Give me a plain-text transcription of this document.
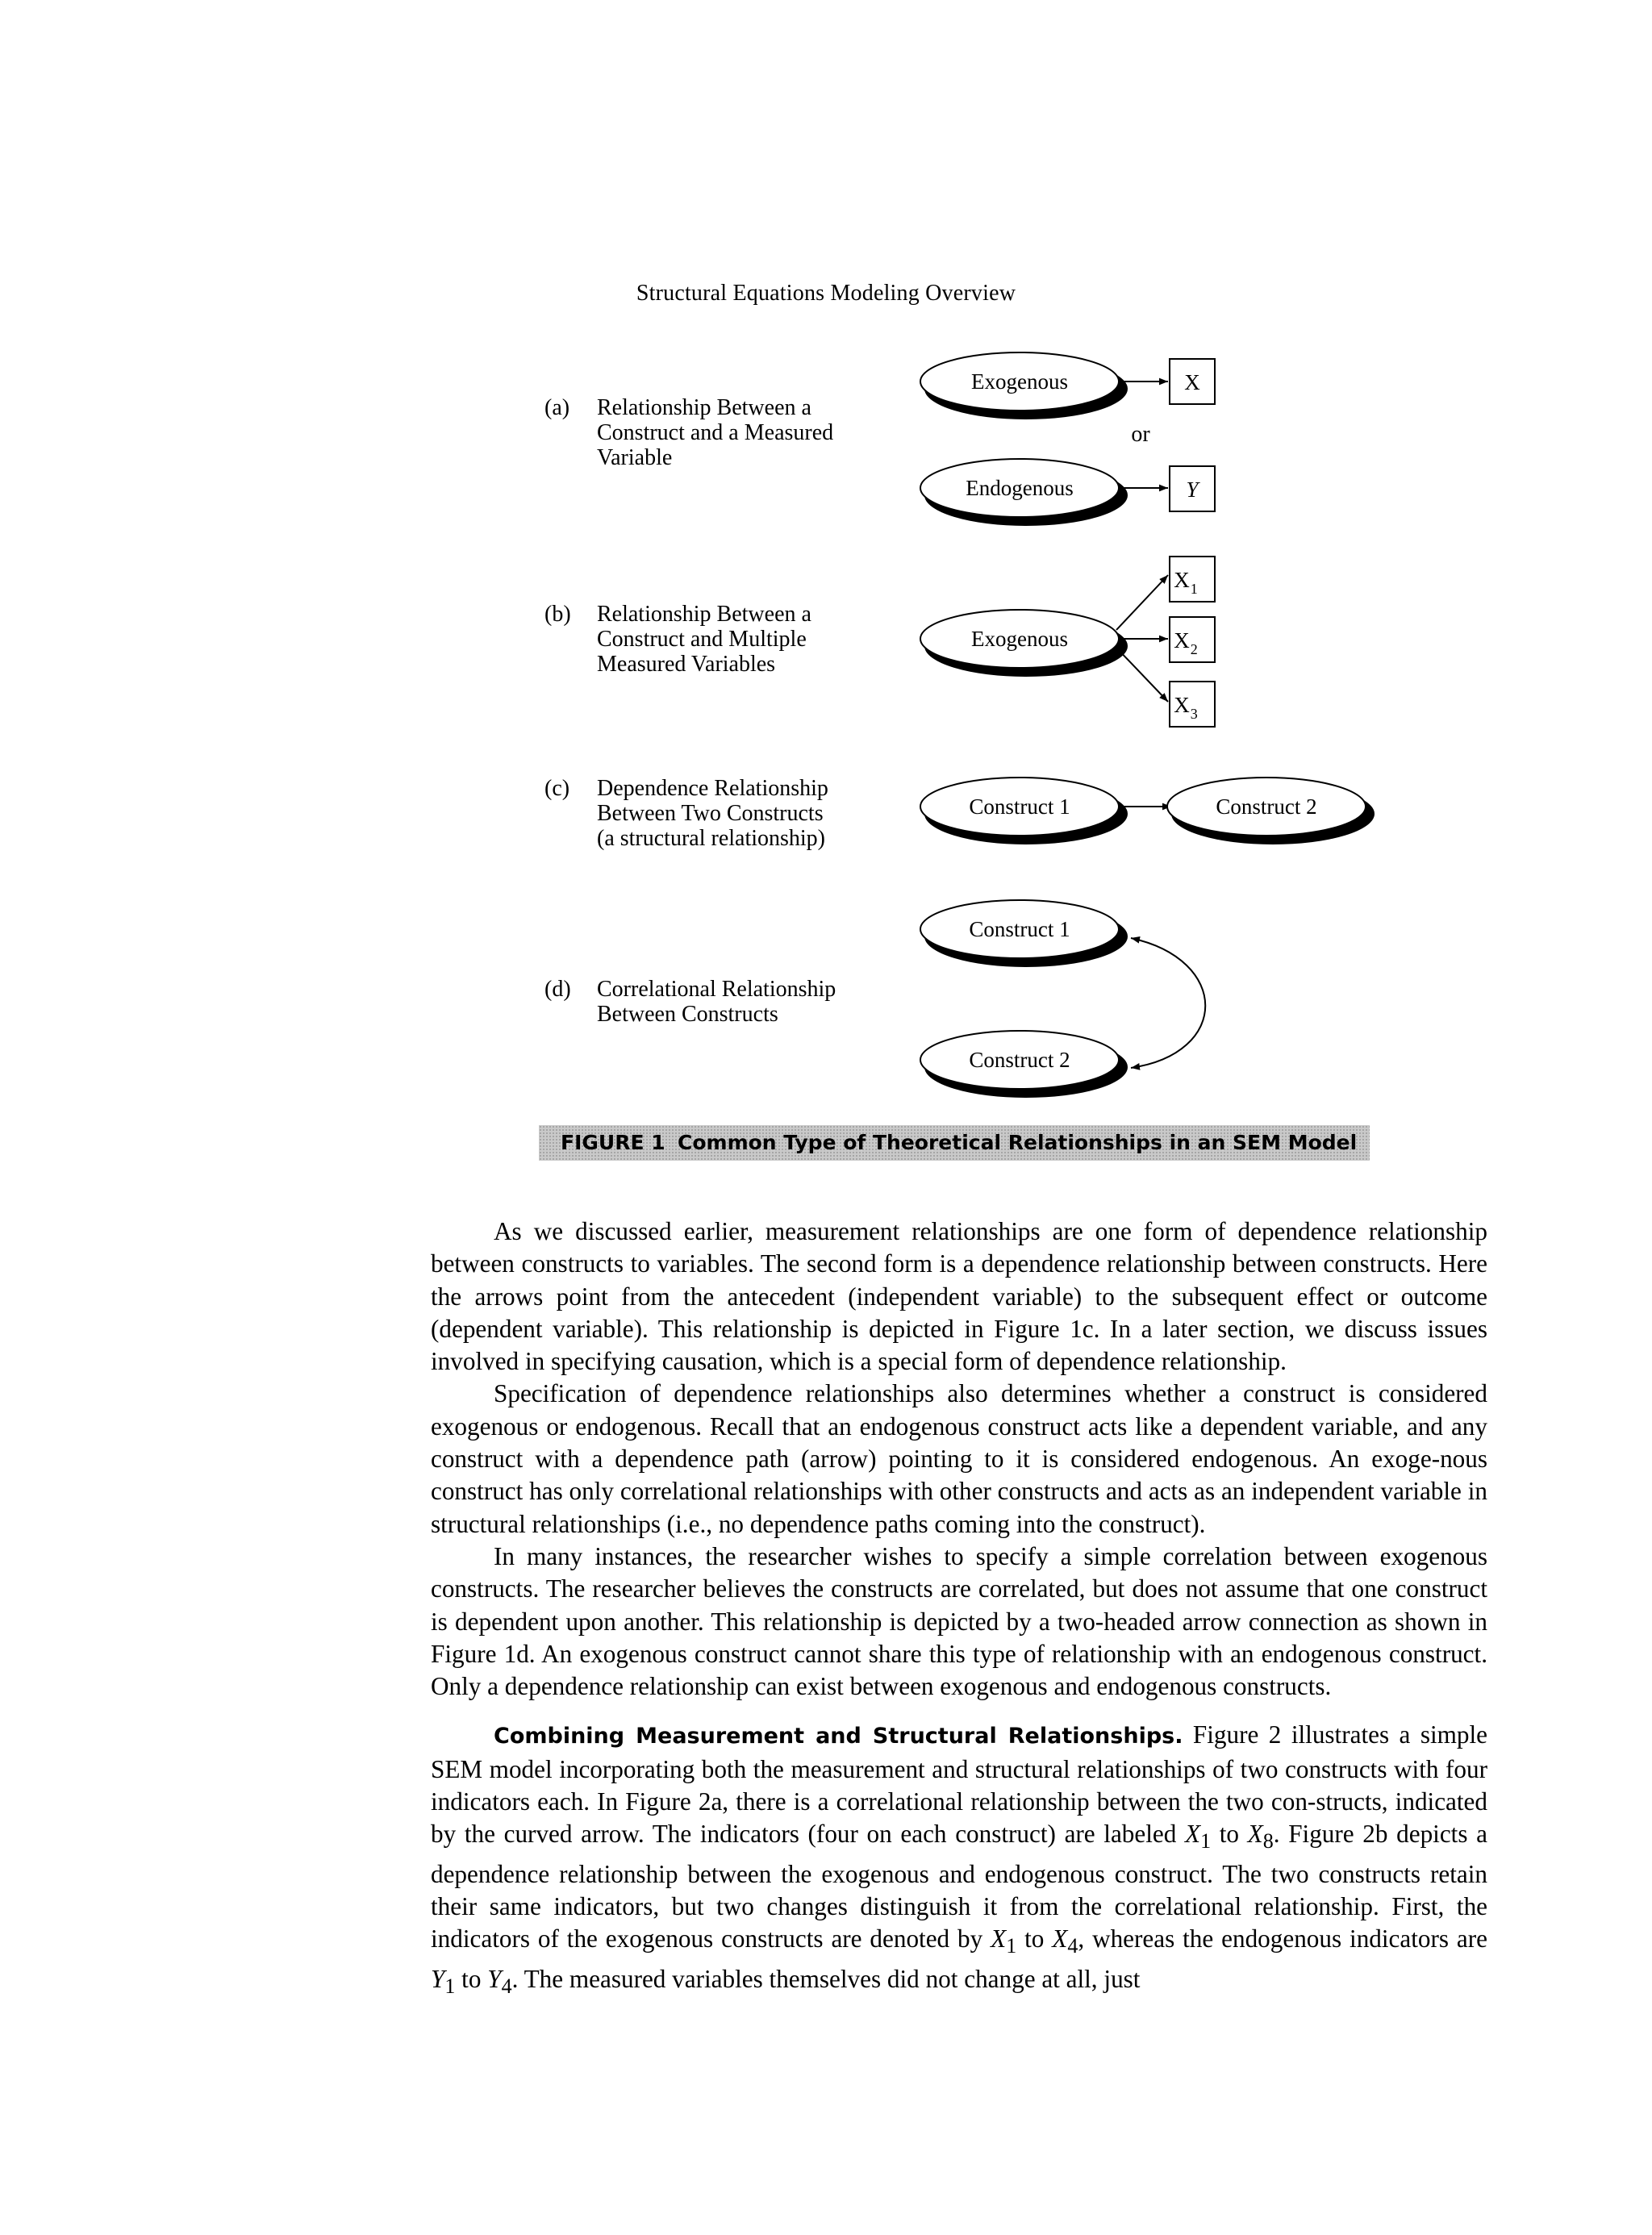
Structural Equations Modeling Overview
(a) Relationship Between a
Construct and a Measured
Variable
Exogenous	X
or
Endogenous	Y
(b) Relationship Between a
Construct and Multiple
Measured Variables
Exogenous
$X_1$
$X_2$
$X_3$
(c) Dependence Relationship
Between Two Constructs
(a structural relationship)
Construct 1	Construct 2
(d) Correlational Relationship
Between Constructs
Construct 1
Construct 2
FIGURE 1 Common Type of Theoretical Relationships in an SEM Model

As we discussed earlier, measurement relationships are one form of dependence relationship between constructs to variables. The second form is a dependence relationship between constructs. Here the arrows point from the antecedent (independent variable) to the subsequent effect or outcome (dependent variable). This relationship is depicted in Figure 1c. In a later section, we discuss issues involved in specifying causation, which is a special form of dependence relationship.

Specification of dependence relationships also determines whether a construct is considered exogenous or endogenous. Recall that an endogenous construct acts like a dependent variable, and any construct with a dependence path (arrow) pointing to it is considered endogenous. An exoge-nous construct has only correlational relationships with other constructs and acts as an independent variable in structural relationships (i.e., no dependence paths coming into the construct).

In many instances, the researcher wishes to specify a simple correlation between exogenous constructs. The researcher believes the constructs are correlated, but does not assume that one construct is dependent upon another. This relationship is depicted by a two-headed arrow connection as shown in Figure 1d. An exogenous construct cannot share this type of relationship with an endogenous construct. Only a dependence relationship can exist between exogenous and endogenous constructs.

Combining Measurement and Structural Relationships. Figure 2 illustrates a simple SEM model incorporating both the measurement and structural relationships of two constructs with four indicators each. In Figure 2a, there is a correlational relationship between the two con-structs, indicated by the curved arrow. The indicators (four on each construct) are labeled $X_1$ to $X_8$. Figure 2b depicts a dependence relationship between the exogenous and endogenous construct. The two constructs retain their same indicators, but two changes distinguish it from the correlational relationship. First, the indicators of the exogenous constructs are denoted by $X_1$ to $X_4$, whereas the endogenous indicators are $Y_1$ to $Y_4$. The measured variables themselves did not change at all, just
